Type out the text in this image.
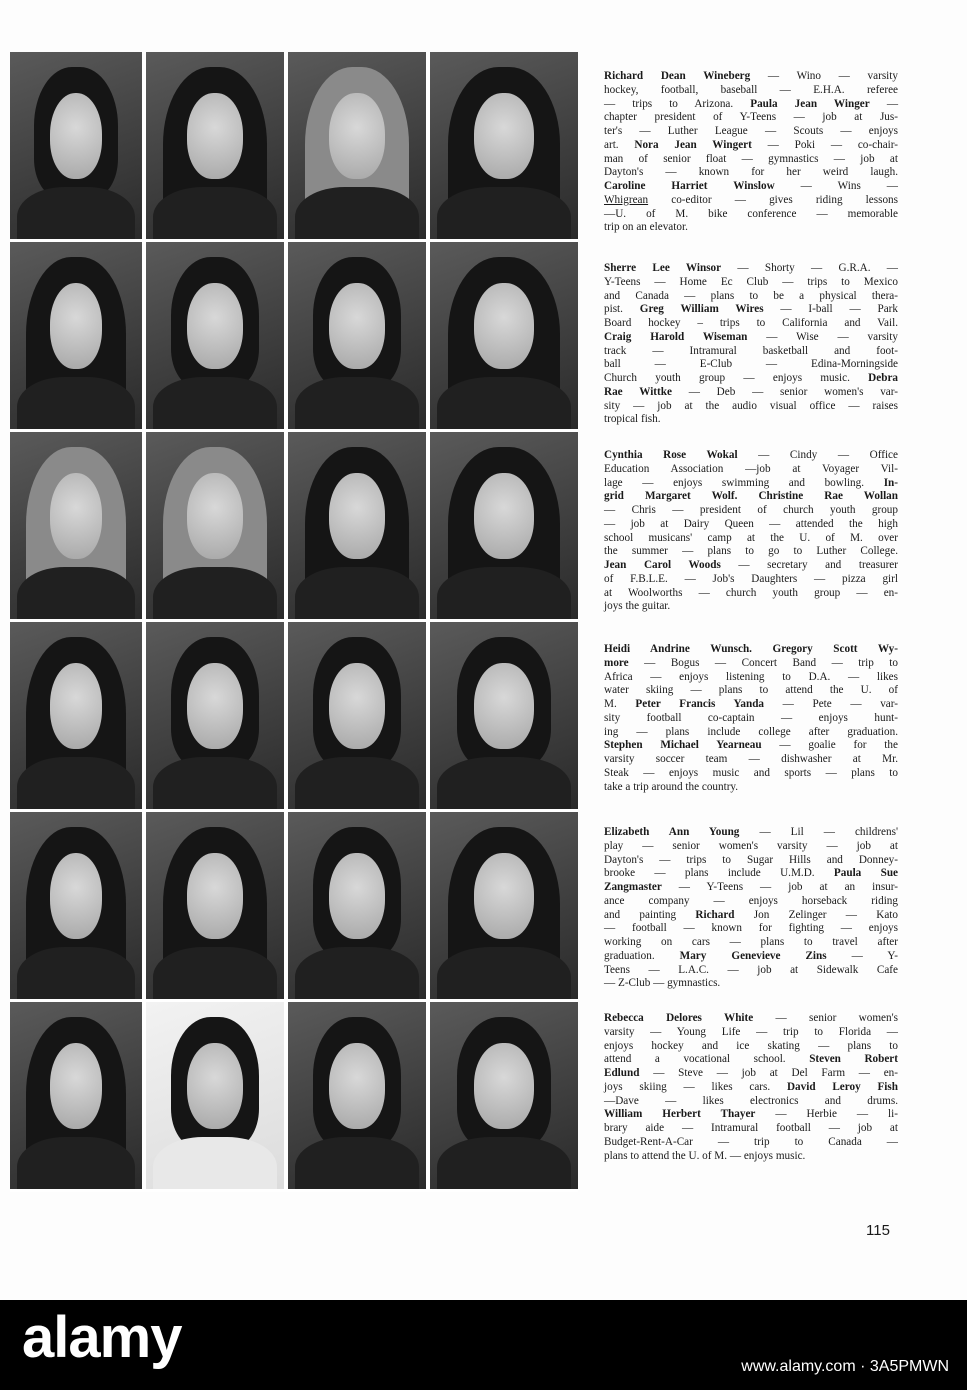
Richard Dean Wineberg — Wino — varsity
hockey, football, baseball — E.H.A. referee
— trips to Arizona. Paula Jean Winger —
chapter president of Y-Teens — job at Jus-
ter's — Luther League — Scouts — enjoys
art. Nora Jean Wingert — Poki — co-chair-
man of senior float — gymnastics — job at
Dayton's — known for her weird laugh.
Caroline Harriet Winslow — Wins —
Whigrean co-editor — gives riding lessons
—U. of M. bike conference — memorable
trip on an elevator.
Sherre Lee Winsor — Shorty — G.R.A. —
Y-Teens — Home Ec Club — trips to Mexico
and Canada — plans to be a physical thera-
pist. Greg William Wires — I-ball — Park
Board hockey – trips to California and Vail.
Craig Harold Wiseman — Wise — varsity
track — Intramural basketball and foot-
ball — E-Club — Edina-Morningside
Church youth group — enjoys music. Debra
Rae Wittke — Deb — senior women's var-
sity — job at the audio visual office — raises
tropical fish.
Cynthia Rose Wokal — Cindy — Office
Education Association —job at Voyager Vil-
lage — enjoys swimming and bowling. In-
grid Margaret Wolf. Christine Rae Wollan
— Chris — president of church youth group
— job at Dairy Queen — attended the high
school musicans' camp at the U. of M. over
the summer — plans to go to Luther College.
Jean Carol Woods — secretary and treasurer
of F.B.L.E. — Job's Daughters — pizza girl
at Woolworths — church youth group — en-
joys the guitar.
Heidi Andrine Wunsch. Gregory Scott Wy-
more — Bogus — Concert Band — trip to
Africa — enjoys listening to D.A. — likes
water skiing — plans to attend the U. of
M. Peter Francis Yanda — Pete — var-
sity football co-captain — enjoys hunt-
ing — plans include college after graduation.
Stephen Michael Yearneau — goalie for the
varsity soccer team — dishwasher at Mr.
Steak — enjoys music and sports — plans to
take a trip around the country.
Elizabeth Ann Young — Lil — childrens'
play — senior women's varsity — job at
Dayton's — trips to Sugar Hills and Donney-
brooke — plans include U.M.D. Paula Sue
Zangmaster — Y-Teens — job at an insur-
ance company — enjoys horseback riding
and painting Richard Jon Zelinger — Kato
— football — known for fighting — enjoys
working on cars — plans to travel after
graduation. Mary Genevieve Zins — Y-
Teens — L.A.C. — job at Sidewalk Cafe
— Z-Club — gymnastics.
Rebecca Delores White — senior women's
varsity — Young Life — trip to Florida —
enjoys hockey and ice skating — plans to
attend a vocational school. Steven Robert
Edlund — Steve — job at Del Farm — en-
joys skiing — likes cars. David Leroy Fish
—Dave — likes electronics and drums.
William Herbert Thayer — Herbie — li-
brary aide — Intramural football — job at
Budget-Rent-A-Car — trip to Canada —
plans to attend the U. of M. — enjoys music.
115
alamy	www.alamy.com · 3A5PMWN
